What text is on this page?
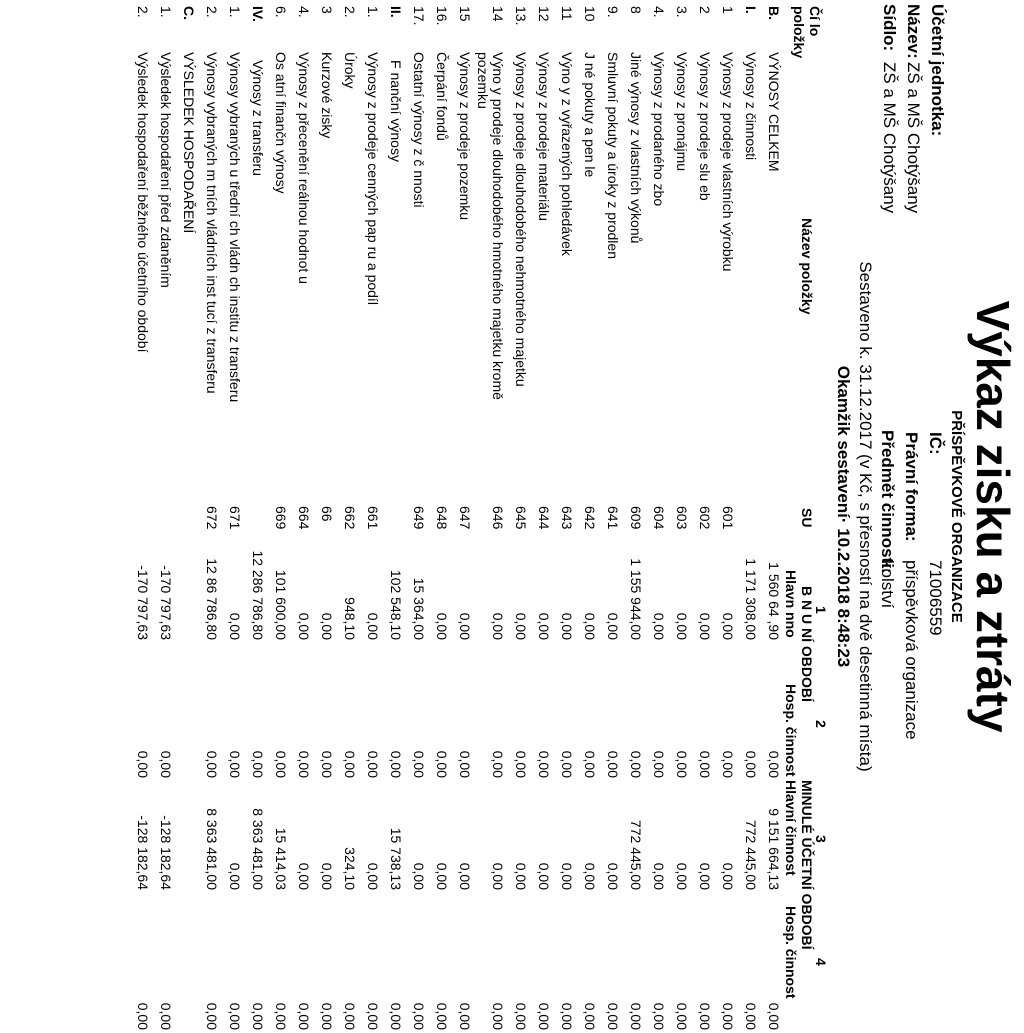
Výkaz zisku a ztráty
PŘÍSPĚVKOVÉ ORGANIZACE
Účetní jednotka:
Název:
ZŠ a MŠ Chotýšany
Sídlo:
ZŠ a MŠ Chotýšany
IČ:
71006559
Právní forma:
příspěvková organizace
Předmět činnosti:
kolství
Sestaveno k. 31.12.2017 (v Kč, s přesností na dvě desetinná místa)
Okamžik sestavení· 10.2.2018 8:48:23
1
2
3
4
Čí lo
položky
Název položky
SU
B N U NÍ OBDOBÍ
MINULÉ ÚČETNÍ OBDOBÍ
Hlavn nno
Hosp. činnost
Hlavní činnost
Hosp. činnost
B.
VÝNOSY CELKEM
1 560 64 ,90
0,00
9 151 664,13
0,00
I.
Výnosy z činnosti
1 171 308,00
0,00
772 445,00
0,00
1
Výnosy z prodeje vlastních výrobku
601
0,00
0,00
0,00
0,00
2
Výnosy z prodeje slu eb
602
0,00
0,00
0,00
0,00
3.
Výnosy z pronájmu
603
0,00
0,00
0,00
0,00
4.
Výnosy z prodaného zbo
604
0,00
0,00
0,00
0,00
8
Jiné výnosy z vlastních výkonů
609
1 155 944,00
0,00
772 445,00
0,00
9.
Smluvní pokuty a úroky z prodlen
641
0,00
0,00
0,00
0,00
10
J né pokuty a pen le
642
0,00
0,00
0,00
0,00
11
Výno y z vyřazených pohledávek
643
0,00
0,00
0,00
0,00
12
Výnosy z prodeje materiálu
644
0,00
0,00
0,00
0,00
13.
Výnosy z prodeje dlouhodobého nehmotného majetku
645
0,00
0,00
0,00
0,00
14
Výno y prodeje dlouhodobého hmotného majetku kromě
pozemku
646
0,00
0,00
0,00
0,00
15
Výnosy z prodeje pozemku
647
0,00
0,00
0,00
0,00
16.
Čerpání fondů
648
0,00
0,00
0,00
0,00
17.
Ostatní výnosy z č nnosti
649
15 364,00
0,00
0,00
0,00
II.
F nanční výnosy
102 548,10
0,00
15 738,13
0,00
1.
Výnosy z prodeje cenných pap ru a podíl
661
0,00
0,00
0,00
0,00
2.
Úroky
662
948,10
0,00
324,10
0,00
3
Kurzové zisky
66
0,00
0,00
0,00
0,00
4.
Výnosy z přecenění reálnou hodnot u
664
0,00
0,00
0,00
0,00
6.
Os atní finančn výnosy
669
101 600,00
0,00
15 414,03
0,00
IV.
Výnosy z transferu
12 286 786,80
0,00
8 363 481,00
0,00
1.
Výnosy vybraných u třední ch vládn ch institu z transferu
671
0,00
0,00
0,00
0,00
2.
Výnosy vybraných m tních vládních inst tucí z transferu
672
12 86 786,80
0,00
8 363 481,00
0,00
C.
VÝSLEDEK HOSPODAŘENÍ
1.
Výsledek hospodaření před zdaněním
-170 797,63
0,00
-128 182,64
0,00
2.
Výsledek hospodaření běžného účetního období
-170 797,63
0,00
-128 182,64
0,00
